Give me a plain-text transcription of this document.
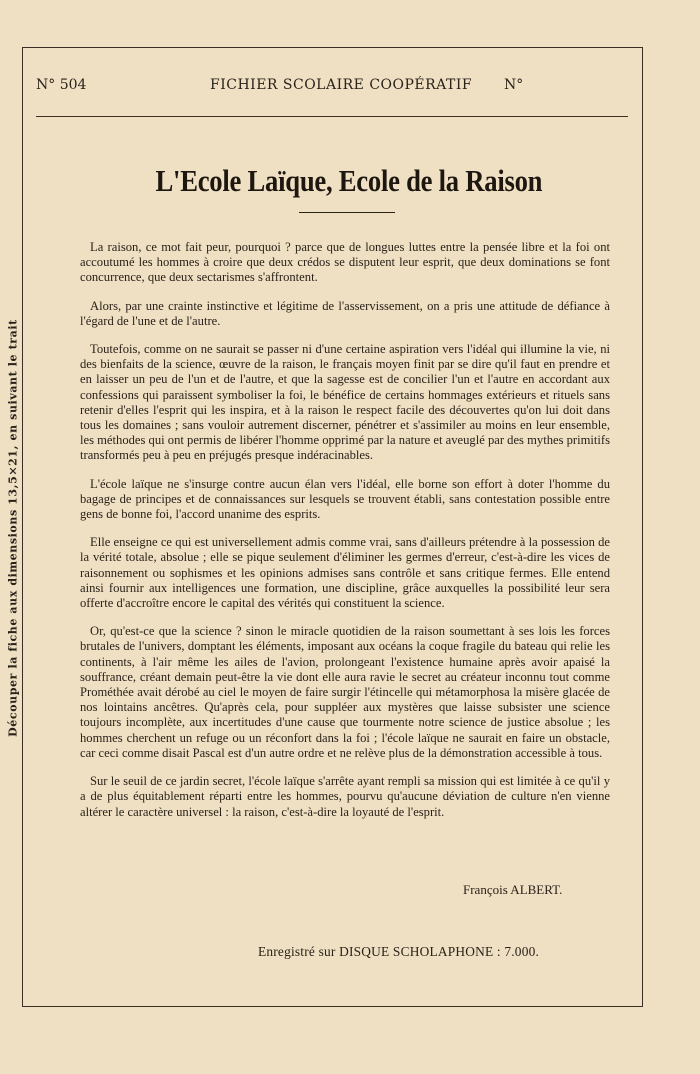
Découper la fiche aux dimensions 13,5×21, en suivant le trait
N° 504	FICHIER SCOLAIRE COOPÉRATIF N°
L'Ecole Laïque, Ecole de la Raison

La raison, ce mot fait peur, pourquoi ? parce que de longues luttes entre la pensée libre et la foi ont accoutumé les hommes à croire que deux crédos se disputent leur esprit, que deux dominations se font concurrence, que deux sectarismes s'affrontent.

Alors, par une crainte instinctive et légitime de l'asservissement, on a pris une attitude de défiance à l'égard de l'une et de l'autre.

Toutefois, comme on ne saurait se passer ni d'une certaine aspiration vers l'idéal qui illumine la vie, ni des bienfaits de la science, œuvre de la raison, le français moyen finit par se dire qu'il faut en prendre et en laisser un peu de l'un et de l'autre, et que la sagesse est de concilier l'un et l'autre en accordant aux confessions qui paraissent symboliser la foi, le bénéfice de certains hommages extérieurs et rituels sans retenir d'elles l'esprit qui les inspira, et à la raison le respect facile des découvertes qu'on lui doit dans tous les domaines ; sans vouloir autrement discerner, pénétrer et s'assimiler au moins en leur ensemble, les méthodes qui ont permis de libérer l'homme opprimé par la nature et aveuglé par des mythes primitifs transformés peu à peu en préjugés presque indéracinables.

L'école laïque ne s'insurge contre aucun élan vers l'idéal, elle borne son effort à doter l'homme du bagage de principes et de connaissances sur lesquels se trouvent établi, sans contestation possible entre gens de bonne foi, l'accord unanime des esprits.

Elle enseigne ce qui est universellement admis comme vrai, sans d'ailleurs prétendre à la possession de la vérité totale, absolue ; elle se pique seulement d'éliminer les germes d'erreur, c'est-à-dire les vices de raisonnement ou sophismes et les opinions admises sans contrôle et sans critique fermes. Elle entend ainsi fournir aux intelligences une formation, une discipline, grâce auxquelles la possibilité leur sera offerte d'accroître encore le capital des vérités qui constituent la science.

Or, qu'est-ce que la science ? sinon le miracle quotidien de la raison soumettant à ses lois les forces brutales de l'univers, domptant les éléments, imposant aux océans la coque fragile du bateau qui relie les continents, à l'air même les ailes de l'avion, prolongeant l'existence humaine après avoir apaisé la souffrance, créant demain peut-être la vie dont elle aura ravie le secret au créateur inconnu tout comme Prométhée avait dérobé au ciel le moyen de faire surgir l'étincelle qui métamorphosa la misère glacée de nos lointains ancêtres. Qu'après cela, pour suppléer aux mystères que laisse subsister une science toujours incomplète, aux incertitudes d'une cause que tourmente notre science de justice absolue ; les hommes cherchent un refuge ou un réconfort dans la foi ; l'école laïque ne saurait en faire un obstacle, car ceci comme disait Pascal est d'un autre ordre et ne relève plus de la démonstration accessible à tous.

Sur le seuil de ce jardin secret, l'école laïque s'arrête ayant rempli sa mission qui est limitée à ce qu'il y a de plus équitablement réparti entre les hommes, pourvu qu'aucune déviation de culture n'en vienne altérer le caractère universel : la raison, c'est-à-dire la loyauté de l'esprit.

François ALBERT.
Enregistré sur DISQUE SCHOLAPHONE : 7.000.
